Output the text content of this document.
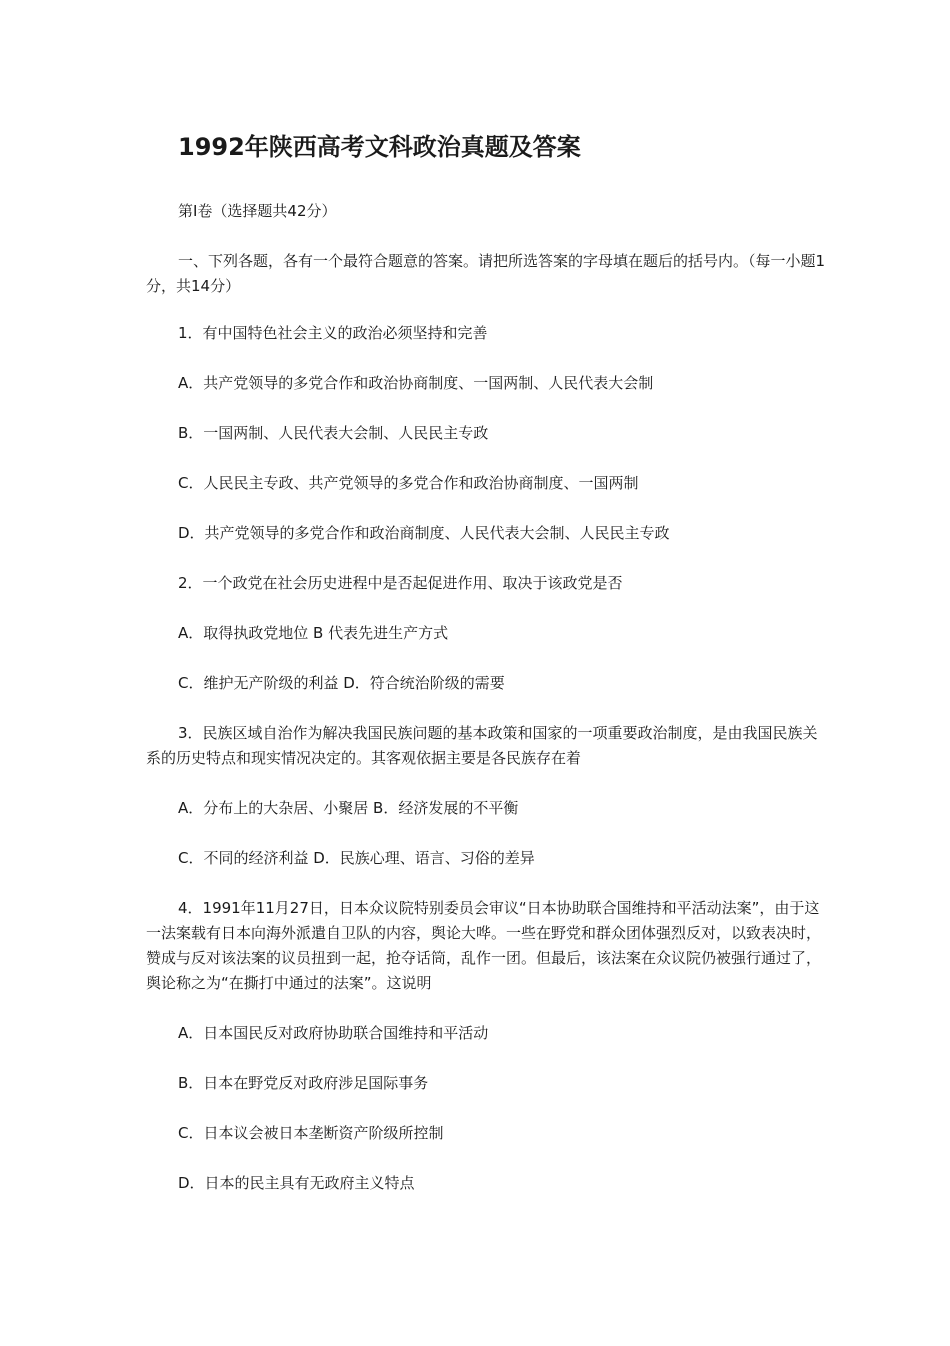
1992年陕西高考文科政治真题及答案

第I卷（选择题共42分）

一、下列各题，各有一个最符合题意的答案。请把所选答案的字母填在题后的括号内。（每一小题1分，共14分）

1．有中国特色社会主义的政治必须坚持和完善

A．共产党领导的多党合作和政治协商制度、一国两制、人民代表大会制

B．一国两制、人民代表大会制、人民民主专政

C．人民民主专政、共产党领导的多党合作和政治协商制度、一国两制

D．共产党领导的多党合作和政治商制度、人民代表大会制、人民民主专政

2．一个政党在社会历史进程中是否起促进作用、取决于该政党是否

A．取得执政党地位 B 代表先进生产方式

C．维护无产阶级的利益 D．符合统治阶级的需要

3．民族区域自治作为解决我国民族问题的基本政策和国家的一项重要政治制度，是由我国民族关系的历史特点和现实情况决定的。其客观依据主要是各民族存在着

A．分布上的大杂居、小聚居 B．经济发展的不平衡

C．不同的经济利益 D．民族心理、语言、习俗的差异

4．1991年11月27日，日本众议院特别委员会审议“日本协助联合国维持和平活动法案”，由于这一法案载有日本向海外派遣自卫队的内容，舆论大哗。一些在野党和群众团体强烈反对，以致表决时，赞成与反对该法案的议员扭到一起，抢夺话筒，乱作一团。但最后，该法案在众议院仍被强行通过了，舆论称之为“在撕打中通过的法案”。这说明

A．日本国民反对政府协助联合国维持和平活动

B．日本在野党反对政府涉足国际事务

C．日本议会被日本垄断资产阶级所控制

D．日本的民主具有无政府主义特点
